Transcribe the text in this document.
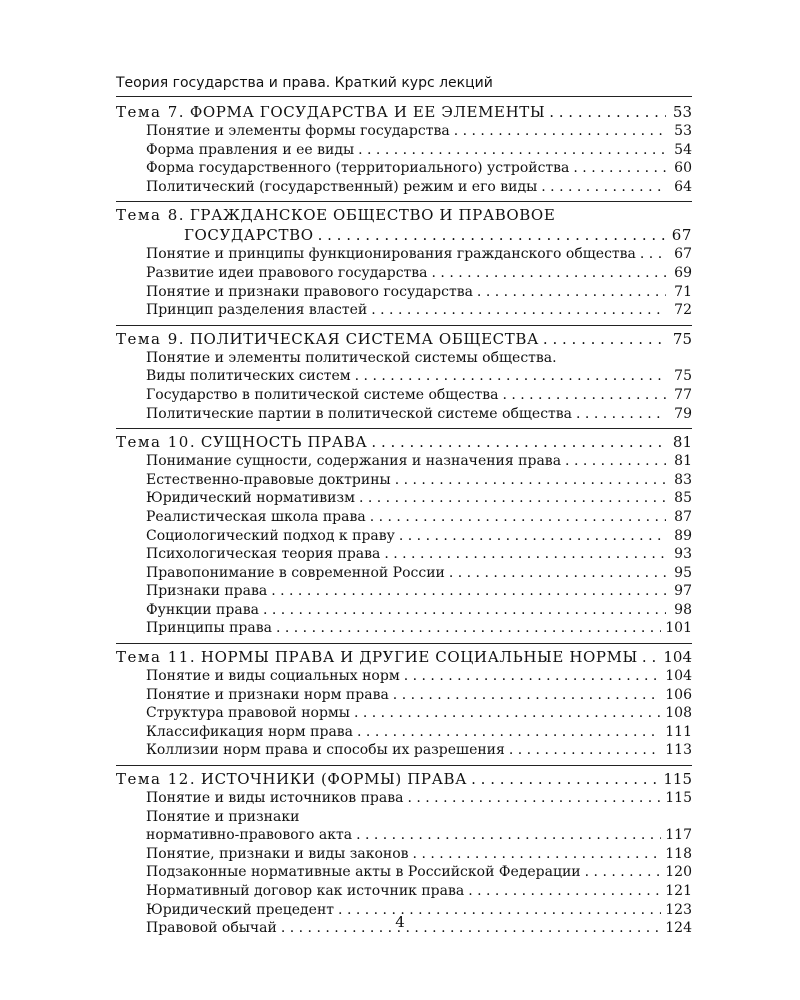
Теория государства и права. Краткий курс лекций
Тема 7. ФОРМА ГОСУДАРСТВА И ЕЕ ЭЛЕМЕНТЫ . . .	53
Понятие и элементы формы государства . . .	53
Форма правления и ее виды . . .	54
Форма государственного (территориального) устройства . . .	60
Политический (государственный) режим и его виды . . .	64
Тема 8. ГРАЖДАНСКОЕ ОБЩЕСТВО И ПРАВОВОЕ
ГОСУДАРСТВО . . .	67
Понятие и принципы функционирования гражданского общества . . .	67
Развитие идеи правового государства . . .	69
Понятие и признаки правового государства . . .	71
Принцип разделения властей . . .	72
Тема 9. ПОЛИТИЧЕСКАЯ СИСТЕМА ОБЩЕСТВА . . .	75
Понятие и элементы политической системы общества.
Виды политических систем . . .	75
Государство в политической системе общества . . .	77
Политические партии в политической системе общества . . .	79
Тема 10. СУЩНОСТЬ ПРАВА . . .	81
Понимание сущности, содержания и назначения права . . .	81
Естественно-правовые доктрины . . .	83
Юридический нормативизм . . .	85
Реалистическая школа права . . .	87
Социологический подход к праву . . .	89
Психологическая теория права . . .	93
Правопонимание в современной России . . .	95
Признаки права . . .	97
Функции права . . .	98
Принципы права . . .	101
Тема 11. НОРМЫ ПРАВА И ДРУГИЕ СОЦИАЛЬНЫЕ НОРМЫ . . . 104
Понятие и виды социальных норм . . .	104
Понятие и признаки норм права . . .	106
Структура правовой нормы . . .	108
Классификация норм права . . .	111
Коллизии норм права и способы их разрешения . . .	113
Тема 12. ИСТОЧНИКИ (ФОРМЫ) ПРАВА . . .	115
Понятие и виды источников права . . .	115
Понятие и признаки
нормативно-правового акта . . .	117
Понятие, признаки и виды законов . . .	118
Подзаконные нормативные акты в Российской Федерации . . .	120
Нормативный договор как источник права . . .	121
Юридический прецедент . . .	123
Правовой обычай . . .	124
4
